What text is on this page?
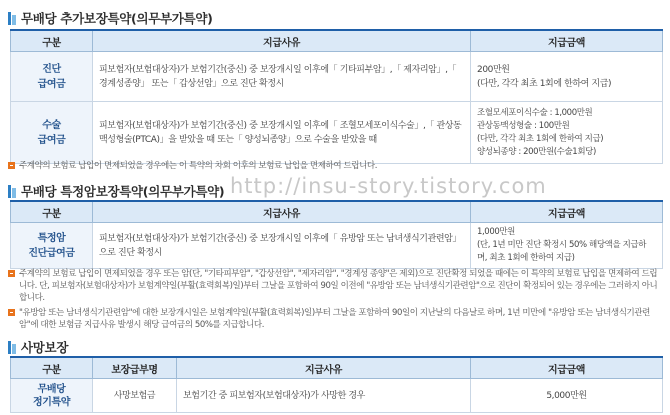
http://insu-story.tistory.com
무배당 추가보장특약(의무부가특약)
구분	지급사유	지급금액
진단
급여금	피보험자(보험대상자)가 보험기간(중신) 중 보장개시일 이후에「 기타피부암」,「 제자리암」,「 경계성종양」 또는「 갑상선암」으로 진단 확정시	200만원
(다만, 각각 최초 1회에 한하여 지급)
수술
급여금	피보험자(보험대상자)가 보험기간(중신) 중 보장개시일 이후에「 조혈모세포이식수술」,「 관상동맥성형술(PTCA)」을 받았을 때 또는「 양성뇌종양」으로 수술을 받았을 때	조혈모세포이식수술 : 1,000만원
관상동맥성형술 : 100만원
(다만, 각각 최초 1회에 한하여 지급)
양성뇌종양 : 200만원(수술1회당)
주계약의 보험료 납입이 면제되었을 경우에는 이 특약의 차회 이후의 보험료 납입을 면제하여 드립니다.
무배당 특정암보장특약(의무부가특약)
구분	지급사유	지급금액
특정암
진단급여금	피보험자(보험대상자)가 보험기간(중신) 중 보장개시일 이후에「 유방암 또는 남녀생식기관련암」으로 진단 확정시	1,000만원
(단, 1년 미만 진단 확정시 50% 해당액을 지급하며, 최초 1회에 한하여 지급)
주계약의 보험료 납입이 면제되었을 경우 또는 암(단, "기타피부암", "갑상선암", "제자리암", "경계성 종양"은 제외)으로 진단확정 되었을 때에는 이 특약의 보험료 납입을 면제하여 드립니다. 단, 피보험자(보험대상자)가 보험계약일(부활(효력회복)일)부터 그날을 포함하여 90일 이전에 "유방암 또는 남녀생식기관련암"으로 진단이 확정되어 있는 경우에는 그러하지 아니합니다.
"유방암 또는 남녀생식기관련암"에 대한 보장개시일은 보험계약일(부활(효력회복)일)부터 그날을 포함하여 90일이 지난날의 다음날로 하며, 1년 미만에 "유방암 또는 남녀생식기관련암"에 대한 보험금 지급사유 발생시 해당 급여금의 50%를 지급합니다.
사망보장
구분	보장급부명	지급사유	지급금액
무배당
정기특약	사망보험금	보험기간 중 피보험자(보험대상자)가 사망한 경우	5,000만원
